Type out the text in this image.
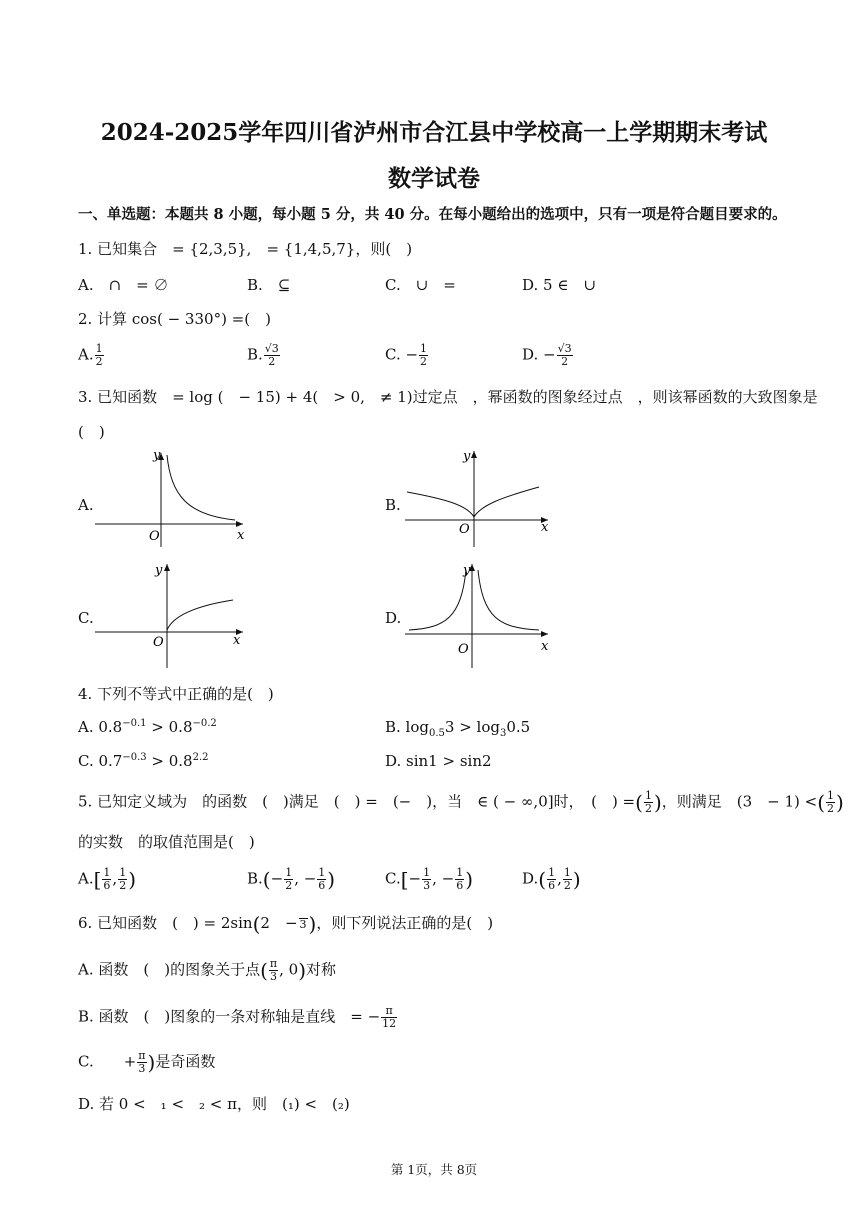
2024-2025学年四川省泸州市合江县中学校高一上学期期末考试
数学试卷
一、单选题：本题共 8 小题，每小题 5 分，共 40 分。在每小题给出的选项中，只有一项是符合题目要求的。
1. 已知集合　= {2,3,5},　= {1,4,5,7}，则(　)
A.　∩　= ∅	B.　⊆	C.　∪　=	D. 5 ∈　∪
2. 计算 cos( − 330°) =(　)
A. $\frac{1}{2}$	B. $\frac{√3}{2}$	C. − $\frac{1}{2}$	D. − $\frac{√3}{2}$
3. 已知函数　= log (　− 15) + 4(　> 0,　≠ 1)过定点　，幂函数的图象经过点　，则该幂函数的大致图象是
(　)
A.	B.
C.	D.
y
x
O
y
x
O
y
x
O
y
x
O
4. 下列不等式中正确的是(　)
A. $0.8^{-0.1} > 0.8^{-0.2}$	B. $\log_{0.5}3 > \log_30.5$
C. $0.7^{-0.3} > 0.8^{2.2}$	D. sin1 > sin2
5. 已知定义域为　的函数　(　)满足　(　) =　(−　)，当　∈ ( − ∞,0]时，　(　) =( $\frac{1}{2}$ )，则满足　(3　− 1) <( $\frac{1}{2}$ )
的实数　的取值范围是(　)
$A.[ \frac{1}{6}$ , $\frac{1}{2}$ )	$B.(- \frac{1}{2}$ , − $\frac{1}{6}$ )	$C.[- \frac{1}{3}$ , − $\frac{1}{6}$ )	$D.( \frac{1}{6}$ , $\frac{1}{2}$ )
6. 已知函数　(　) = 2sin(2　− 3 )，则下列说法正确的是(　)
A. 函数　(　)的图象关于点( $\frac{\pi}{3}$ , 0)对称
B. 函数　(　)图象的一条对称轴是直线　= − $\frac{\pi}{12}$
C.　　+ $\frac{\pi}{3}$ )是奇函数
D. 若 0 <　₁ <　₂ < π，则　(₁) <　(₂)
第 1页，共 8页
